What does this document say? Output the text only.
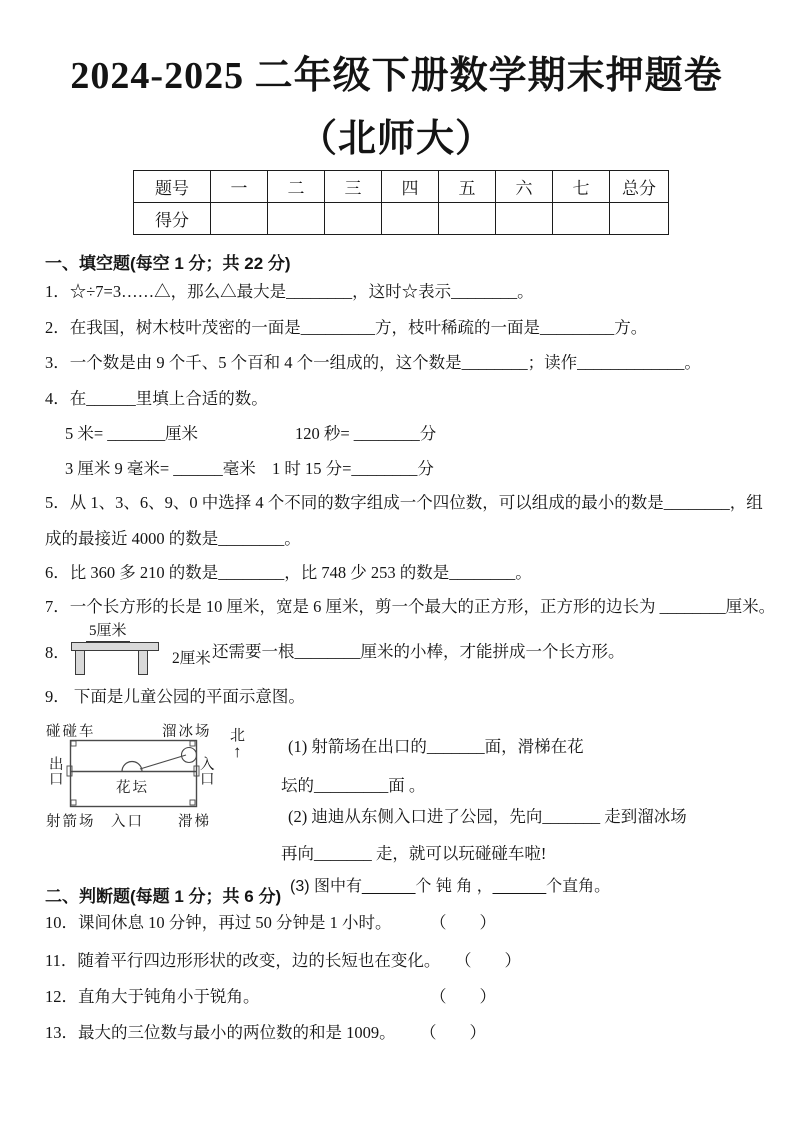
2024-2025 二年级下册数学期末押题卷
（北师大）
题号	一	二	三	四	五	六	七	总分
得分								
一、填空题(每空 1 分；共 22 分)
1．☆÷7=3……△，那么△最大是________，这时☆表示________。
2．在我国，树木枝叶茂密的一面是_________方，枝叶稀疏的一面是_________方。
3．一个数是由 9 个千、5 个百和 4 个一组成的，这个数是________；读作_____________。
4．在______里填上合适的数。
5 米= _______厘米	120 秒= ________分
3 厘米 9 毫米= ______毫米 1 时 15 分=________分
5．从 1、3、6、9、0 中选择 4 个不同的数字组成一个四位数，可以组成的最小的数是________，组
成的最接近 4000 的数是________。
6．比 360 多 210 的数是________，比 748 少 253 的数是________。
7．一个长方形的长是 10 厘米，宽是 6 厘米，剪一个最大的正方形，正方形的边长为 ________厘米。
8．
5厘米
2厘米 还需要一根________厘米的小棒，才能拼成一个长方形。
9． 下面是儿童公园的平面示意图。
碰碰车	溜冰场
出口
入口
花坛
射箭场 入口 滑梯
北
↑	(1) 射箭场在出口的_______面，滑梯在花
坛的_________面 。
(2) 迪迪从东侧入口进了公园，先向_______ 走到溜冰场
再向_______ 走，就可以玩碰碰车啦!
(3) 图中有______个 钝 角 ，______个直角。
二、判断题(每题 1 分；共 6 分)
10．课间休息 10 分钟，再过 50 分钟是 1 小时。 （　　）
11．随着平行四边形形状的改变，边的长短也在变化。 （　　）
12．直角大于钝角小于锐角。	（　　）
13．最大的三位数与最小的两位数的和是 1009。 （　　）
